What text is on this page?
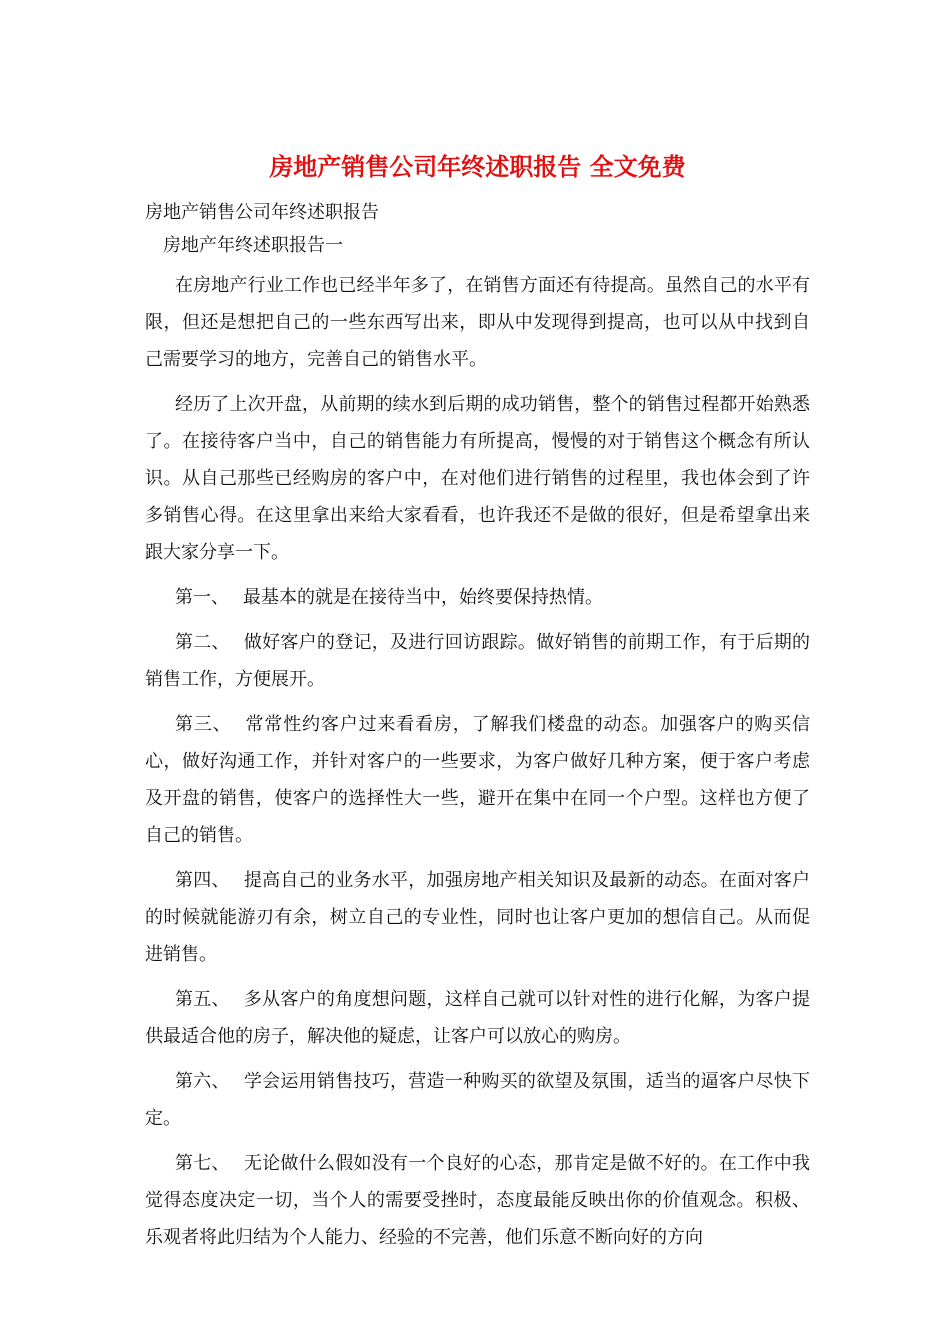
房地产销售公司年终述职报告 全文免费

房地产销售公司年终述职报告

房地产年终述职报告一

在房地产行业工作也已经半年多了，在销售方面还有待提高。虽然自己的水平有限，但还是想把自己的一些东西写出来，即从中发现得到提高，也可以从中找到自己需要学习的地方，完善自己的销售水平。

经历了上次开盘，从前期的续水到后期的成功销售，整个的销售过程都开始熟悉了。在接待客户当中，自己的销售能力有所提高，慢慢的对于销售这个概念有所认识。从自己那些已经购房的客户中，在对他们进行销售的过程里，我也体会到了许多销售心得。在这里拿出来给大家看看，也许我还不是做的很好，但是希望拿出来跟大家分享一下。

第一、 最基本的就是在接待当中，始终要保持热情。

第二、 做好客户的登记，及进行回访跟踪。做好销售的前期工作，有于后期的销售工作，方便展开。

第三、 常常性约客户过来看看房，了解我们楼盘的动态。加强客户的购买信心，做好沟通工作，并针对客户的一些要求，为客户做好几种方案，便于客户考虑及开盘的销售，使客户的选择性大一些，避开在集中在同一个户型。这样也方便了自己的销售。

第四、 提高自己的业务水平，加强房地产相关知识及最新的动态。在面对客户的时候就能游刃有余，树立自己的专业性，同时也让客户更加的想信自己。从而促进销售。

第五、 多从客户的角度想问题，这样自己就可以针对性的进行化解，为客户提供最适合他的房子，解决他的疑虑，让客户可以放心的购房。

第六、 学会运用销售技巧，营造一种购买的欲望及氛围，适当的逼客户尽快下定。

第七、 无论做什么假如没有一个良好的心态，那肯定是做不好的。在工作中我觉得态度决定一切，当个人的需要受挫时，态度最能反映出你的价值观念。积极、乐观者将此归结为个人能力、经验的不完善，他们乐意不断向好的方向
